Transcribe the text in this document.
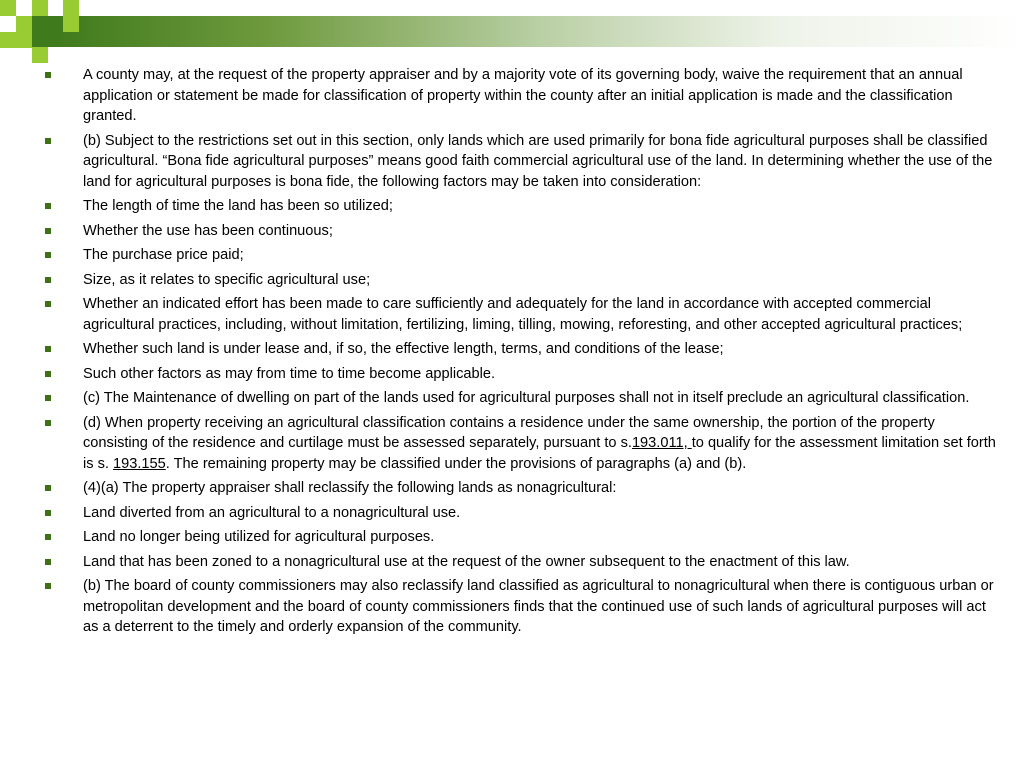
A county may, at the request of the property appraiser and by a majority vote of its governing body, waive the requirement that an annual application or statement be made for classification of property within the county after an initial application is made and the classification granted.
(b) Subject to the restrictions set out in this section, only lands which are used primarily for bona fide agricultural purposes shall be classified agricultural. “Bona fide agricultural purposes” means good faith commercial agricultural use of the land. In determining whether the use of the land for agricultural purposes is bona fide, the following factors may be taken into consideration:
The length of time the land has been so utilized;
Whether the use has been continuous;
The purchase price paid;
Size, as it relates to specific agricultural use;
Whether an indicated effort has been made to care sufficiently and adequately for the land in accordance with accepted commercial agricultural practices, including, without limitation, fertilizing, liming, tilling, mowing, reforesting, and other accepted agricultural practices;
Whether such land is under lease and, if so, the effective length, terms, and conditions of the lease;
Such other factors as may from time to time become applicable.
(c) The Maintenance of dwelling on part of the lands used for agricultural purposes shall not in itself preclude an agricultural classification.
(d) When property receiving an agricultural classification contains a residence under the same ownership, the portion of the property consisting of the residence and curtilage must be assessed separately, pursuant to s.193.011, to qualify for the assessment limitation set forth is s. 193.155. The remaining property may be classified under the provisions of paragraphs (a) and (b).
(4)(a) The property appraiser shall reclassify the following lands as nonagricultural:
Land diverted from an agricultural to a nonagricultural use.
Land no longer being utilized for agricultural purposes.
Land that has been zoned to a nonagricultural use at the request of the owner subsequent to the enactment of this law.
(b) The board of county commissioners may also reclassify land classified as agricultural to nonagricultural when there is contiguous urban or metropolitan development and the board of county commissioners finds that the continued use of such lands of agricultural purposes will act as a deterrent to the timely and orderly expansion of the community.
